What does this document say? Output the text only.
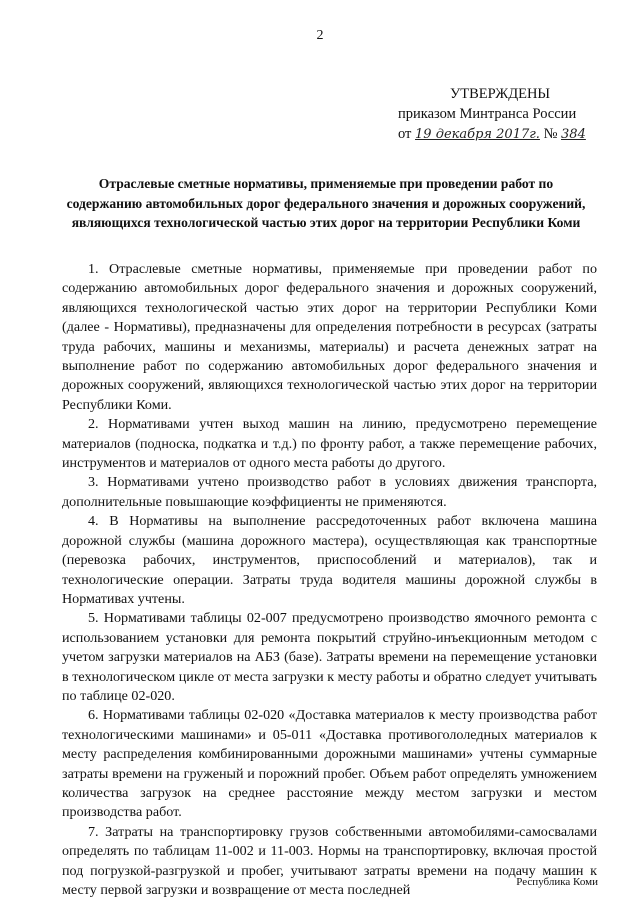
2
УТВЕРЖДЕНЫ
приказом Минтранса России
от 19 декабря 2017г. № 384
Отраслевые сметные нормативы, применяемые при проведении работ по содержанию автомобильных дорог федерального значения и дорожных сооружений, являющихся технологической частью этих дорог на территории Республики Коми

1. Отраслевые сметные нормативы, применяемые при проведении работ по содержанию автомобильных дорог федерального значения и дорожных сооружений, являющихся технологической частью этих дорог на территории Республики Коми (далее - Нормативы), предназначены для определения потребности в ресурсах (затраты труда рабочих, машины и механизмы, материалы) и расчета денежных затрат на выполнение работ по содержанию автомобильных дорог федерального значения и дорожных сооружений, являющихся технологической частью этих дорог на территории Республики Коми.

2. Нормативами учтен выход машин на линию, предусмотрено перемещение материалов (подноска, подкатка и т.д.) по фронту работ, а также перемещение рабочих, инструментов и материалов от одного места работы до другого.

3. Нормативами учтено производство работ в условиях движения транспорта, дополнительные повышающие коэффициенты не применяются.

4. В Нормативы на выполнение рассредоточенных работ включена машина дорожной службы (машина дорожного мастера), осуществляющая как транспортные (перевозка рабочих, инструментов, приспособлений и материалов), так и технологические операции. Затраты труда водителя машины дорожной службы в Нормативах учтены.

5. Нормативами таблицы 02-007 предусмотрено производство ямочного ремонта с использованием установки для ремонта покрытий струйно-инъекционным методом с учетом загрузки материалов на АБЗ (базе). Затраты времени на перемещение установки в технологическом цикле от места загрузки к месту работы и обратно следует учитывать по таблице 02-020.

6. Нормативами таблицы 02-020 «Доставка материалов к месту производства работ технологическими машинами» и 05-011 «Доставка противогололедных материалов к месту распределения комбинированными дорожными машинами» учтены суммарные затраты времени на груженый и порожний пробег. Объем работ определять умножением количества загрузок на среднее расстояние между местом загрузки и местом производства работ.

7. Затраты на транспортировку грузов собственными автомобилями-самосвалами определять по таблицам 11-002 и 11-003. Нормы на транспортировку, включая простой под погрузкой-разгрузкой и пробег, учитывают затраты времени на подачу машин к месту первой загрузки и возвращение от места последней	Республика Коми
